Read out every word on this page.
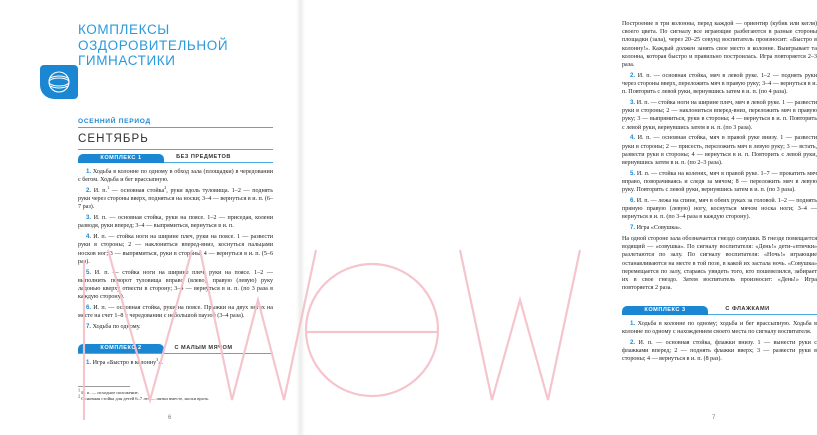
КОМПЛЕКСЫ
ОЗДОРОВИТЕЛЬНОЙ
ГИМНАСТИКИ
ОСЕННИЙ ПЕРИОД
СЕНТЯБРЬ
КОМПЛЕКС 1	БЕЗ ПРЕДМЕТОВ

1. Ходьба в колонне по одному в обход зала (площадки) в чередовании с бегом. Ходьба и бег врассыпную.

2. И. п.$^1$ — основная стойка$^2$, руки вдоль туловища. 1–2 — поднять руки через стороны вверх, подняться на носки; 3–4 — вернуться в и. п. (6–7 раз).

3. И. п. — основная стойка, руки на поясе. 1–2 — приседая, колени разводя, руки вперед; 3–4 — выпрямиться, вернуться в и. п.

4. И. п. — стойка ноги на ширине плеч, руки на поясе. 1 — развести руки в стороны; 2 — наклониться вперед-вниз, коснуться пальцами носков ног; 3 — выпрямиться, руки в стороны; 4 — вернуться в и. п. (5–6 раз).

5. И. п. — стойка ноги на ширине плеч, руки на поясе. 1–2 — выполнить поворот туловища вправо (влево), правую (левую) руку ладонью кверху отвести в сторону; 3–4 — вернуться в и. п. (по 3 раза в каждую сторону).

6. И. п. — основная стойка, руки на поясе. Прыжки на двух ногах на месте на счет 1–8 в чередовании с небольшой паузой (3–4 раза).

7. Ходьба по одному.

КОМПЛЕКС 2	С МАЛЫМ МЯЧОМ

1. Игра «Быстро в колонну$^3$».

$^1$ И. п. — исходное положение.

$^2$ Основная стойка для детей 6–7 лет — пятки вместе, носки врозь.

6

Построение в три колонны, перед каждой — ориентир (кубик или кегля) своего цвета. По сигналу все играющие разбегаются в разные стороны площадки (зала), через 20–25 секунд воспитатель произносит: «Быстро в колонну!». Каждый должен занять свое место в колонне. Выигрывает та колонна, которая быстро и правильно построилась. Игра повторяется 2–3 раза.

2. И. п. — основная стойка, мяч в левой руке. 1–2 — поднять руки через стороны вверх, переложить мяч в правую руку; 3–4 — вернуться в и. п. Повторить с левой руки, вернувшись затем в и. п. (по 4 раза).

3. И. п. — стойка ноги на ширине плеч, мяч в левой руке. 1 — развести руки в стороны; 2 — наклониться вперед-вниз, переложить мяч в правую руку; 3 — выпрямиться, руки в стороны; 4 — вернуться в и. п. Повторить с левой руки, вернувшись затем в и. п. (по 3 раза).

4. И. п. — основная стойка, мяч в правой руке внизу. 1 — развести руки в стороны; 2 — присесть, переложить мяч в левую руку; 3 — встать, развести руки в стороны; 4 — вернуться в и. п. Повторить с левой руки, вернувшись затем в и. п. (по 2–3 раза).

5. И. п. — стойка на коленях, мяч в правой руке. 1–7 — прокатить мяч вправо, поворачиваясь и следя за мячом; 8 — переложить мяч в левую руку. Повторить с левой руки, вернувшись затем в и. п. (по 3 раза).

6. И. п. — лежа на спине, мяч в обеих руках за головой. 1–2 — поднять прямую правую (левую) ногу, коснуться мячом носка ноги; 3–4 — вернуться в и. п. (по 3–4 раза в каждую сторону).

7. Игра «Совушка».

На одной стороне зала обозначается гнездо совушки. В гнезде помещается водящий — «совушка». По сигналу воспитателя: «День!» дети-«птички» разлетаются по залу. По сигналу воспитателя: «Ночь!» играющие останавливаются на месте в той позе, в какой их застала ночь. «Совушка» перемещается по залу, стараясь увидеть того, кто пошевелился, забирает их в свое гнездо. Затем воспитатель произносит: «День!» Игра повторяется 2 раза.

КОМПЛЕКС 3	С ФЛАЖКАМИ

1. Ходьба в колонне по одному; ходьба и бег врассыпную. Ходьба в колонне по одному с нахождением своего места по сигналу воспитателя.

2. И. п. — основная стойка, флажки внизу. 1 — вынести руки с флажками вперед; 2 — поднять флажки вверх; 3 — развести руки в стороны; 4 — вернуться в и. п. (8 раз).

7
